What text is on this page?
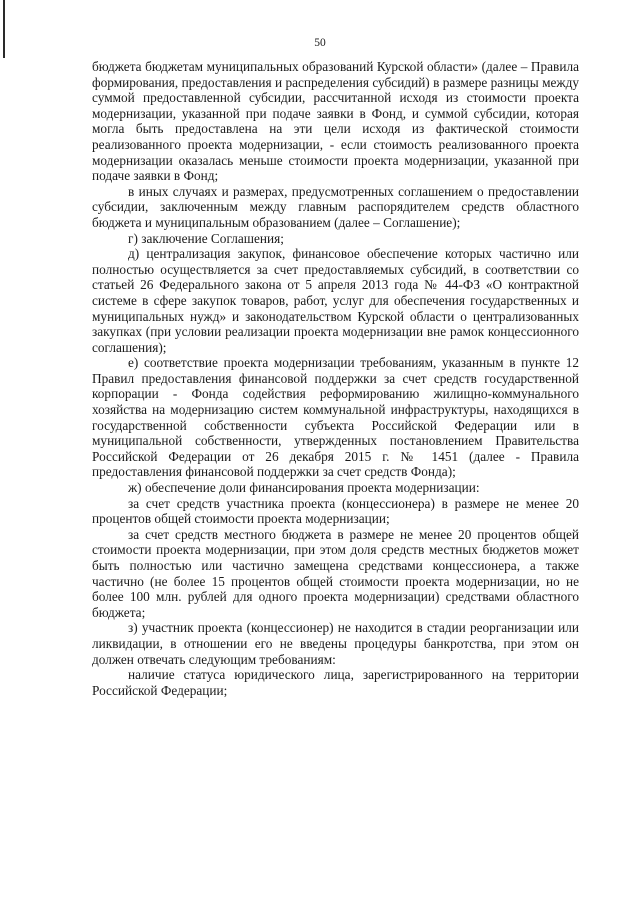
50

бюджета бюджетам муниципальных образований Курской области» (далее – Правила формирования, предоставления и распределения субсидий) в размере разницы между суммой предоставленной субсидии, рассчитанной исходя из стоимости проекта модернизации, указанной при подаче заявки в Фонд, и суммой субсидии, которая могла быть предоставлена на эти цели исходя из фактической стоимости реализованного проекта модернизации, - если стоимость реализованного проекта модернизации оказалась меньше стоимости проекта модернизации, указанной при подаче заявки в Фонд;

в иных случаях и размерах, предусмотренных соглашением о предоставлении субсидии, заключенным между главным распорядителем средств областного бюджета и муниципальным образованием (далее – Соглашение);

г) заключение Соглашения;

д) централизация закупок, финансовое обеспечение которых частично или полностью осуществляется за счет предоставляемых субсидий, в соответствии со статьей 26 Федерального закона от 5 апреля 2013 года № 44-ФЗ «О контрактной системе в сфере закупок товаров, работ, услуг для обеспечения государственных и муниципальных нужд» и законодательством Курской области о централизованных закупках (при условии реализации проекта модернизации вне рамок концессионного соглашения);

е) соответствие проекта модернизации требованиям, указанным в пункте 12 Правил предоставления финансовой поддержки за счет средств государственной корпорации - Фонда содействия реформированию жилищно-коммунального хозяйства на модернизацию систем коммунальной инфраструктуры, находящихся в государственной собственности субъекта Российской Федерации или в муниципальной собственности, утвержденных постановлением Правительства Российской Федерации от 26 декабря 2015 г. № 1451 (далее - Правила предоставления финансовой поддержки за счет средств Фонда);

ж) обеспечение доли финансирования проекта модернизации:

за счет средств участника проекта (концессионера) в размере не менее 20 процентов общей стоимости проекта модернизации;

за счет средств местного бюджета в размере не менее 20 процентов общей стоимости проекта модернизации, при этом доля средств местных бюджетов может быть полностью или частично замещена средствами концессионера, а также частично (не более 15 процентов общей стоимости проекта модернизации, но не более 100 млн. рублей для одного проекта модернизации) средствами областного бюджета;

з) участник проекта (концессионер) не находится в стадии реорганизации или ликвидации, в отношении его не введены процедуры банкротства, при этом он должен отвечать следующим требованиям:

наличие статуса юридического лица, зарегистрированного на территории Российской Федерации;
